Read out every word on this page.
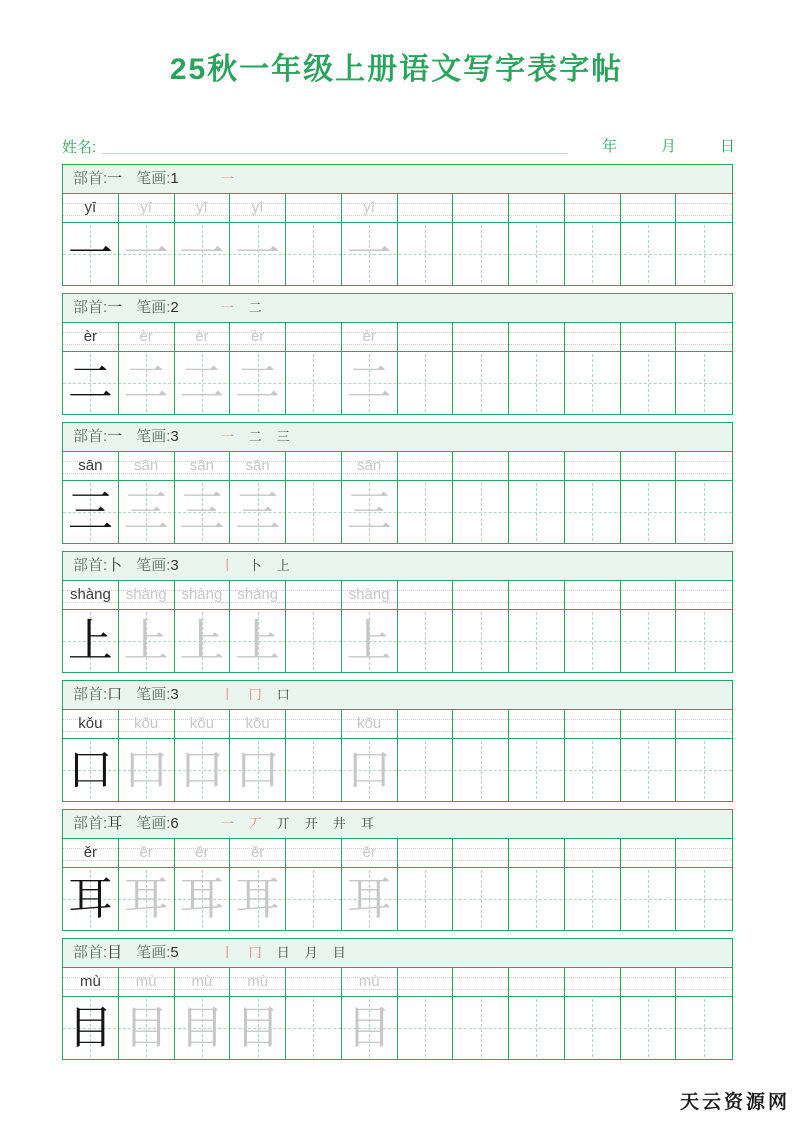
25秋一年级上册语文写字表字帖
姓名:	年	月	日
部首:一 笔画:1	一
yī	yī	yī	yī	yī
一 一 一 一 一
部首:一 笔画:2	一 二
èr	èr	èr	èr	èr
二 二 二 二 二
部首:一 笔画:3	一 二 三
sān	sān	sān	sān	sān
三 三 三 三 三
部首:卜 笔画:3	丨 卜 上
shàng shàng shàng shàng	shàng
上 上 上 上 上
部首:口 笔画:3	丨 冂 口
kǒu	kǒu	kǒu	kǒu	kǒu
口 口 口 口 口
部首:耳 笔画:6	一 丆 丌 开 井 耳
ěr	ěr	ěr	ěr	ěr
耳 耳 耳 耳 耳
部首:目 笔画:5	丨 冂 日 月 目
mù	mù	mù	mù	mù
目 目 目 目 目
天云资源网
